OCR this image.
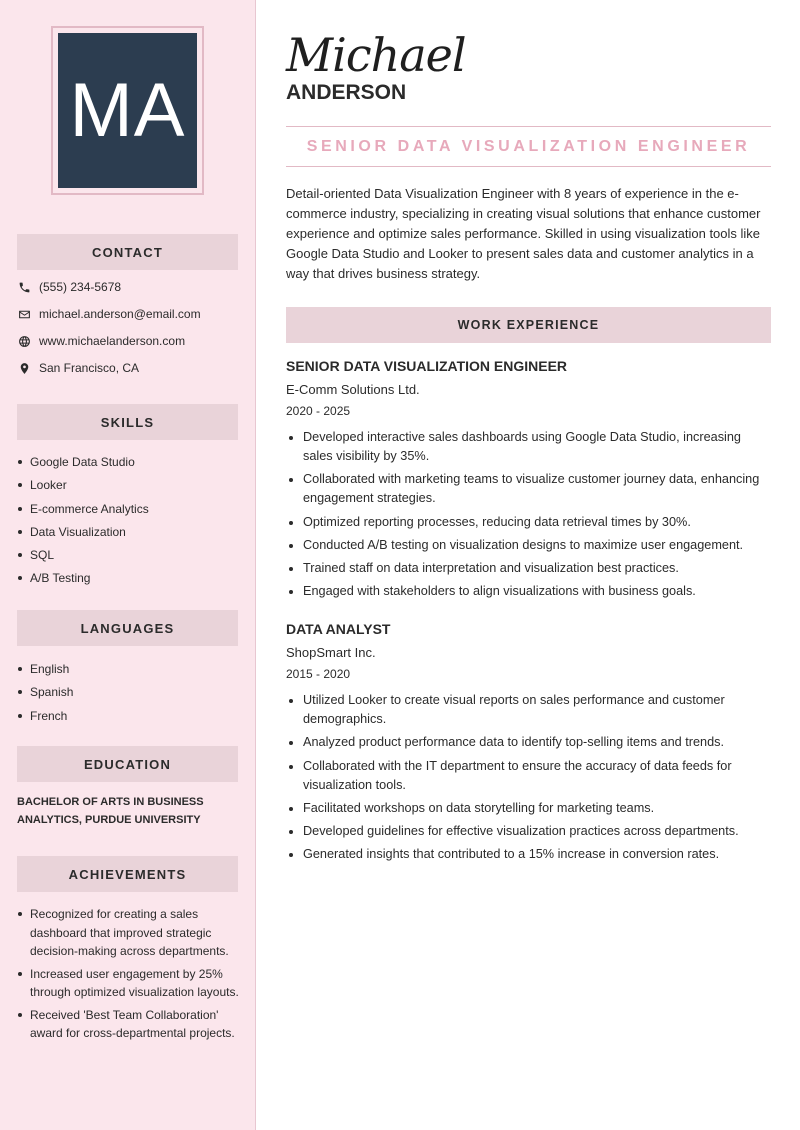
MA
CONTACT
(555) 234-5678
michael.anderson@email.com
www.michaelanderson.com
San Francisco, CA
SKILLS
Google Data Studio
Looker
E-commerce Analytics
Data Visualization
SQL
A/B Testing
LANGUAGES
English
Spanish
French
EDUCATION
BACHELOR OF ARTS IN BUSINESS ANALYTICS, PURDUE UNIVERSITY
ACHIEVEMENTS
Recognized for creating a sales dashboard that improved strategic decision-making across departments.
Increased user engagement by 25% through optimized visualization layouts.
Received 'Best Team Collaboration' award for cross-departmental projects.
Michael
ANDERSON
SENIOR DATA VISUALIZATION ENGINEER

Detail-oriented Data Visualization Engineer with 8 years of experience in the e-commerce industry, specializing in creating visual solutions that enhance customer experience and optimize sales performance. Skilled in using visualization tools like Google Data Studio and Looker to present sales data and customer analytics in a way that drives business strategy.

WORK EXPERIENCE
SENIOR DATA VISUALIZATION ENGINEER
E-Comm Solutions Ltd.
2020 - 2025
Developed interactive sales dashboards using Google Data Studio, increasing sales visibility by 35%.
Collaborated with marketing teams to visualize customer journey data, enhancing engagement strategies.
Optimized reporting processes, reducing data retrieval times by 30%.
Conducted A/B testing on visualization designs to maximize user engagement.
Trained staff on data interpretation and visualization best practices.
Engaged with stakeholders to align visualizations with business goals.
DATA ANALYST
ShopSmart Inc.
2015 - 2020
Utilized Looker to create visual reports on sales performance and customer demographics.
Analyzed product performance data to identify top-selling items and trends.
Collaborated with the IT department to ensure the accuracy of data feeds for visualization tools.
Facilitated workshops on data storytelling for marketing teams.
Developed guidelines for effective visualization practices across departments.
Generated insights that contributed to a 15% increase in conversion rates.
